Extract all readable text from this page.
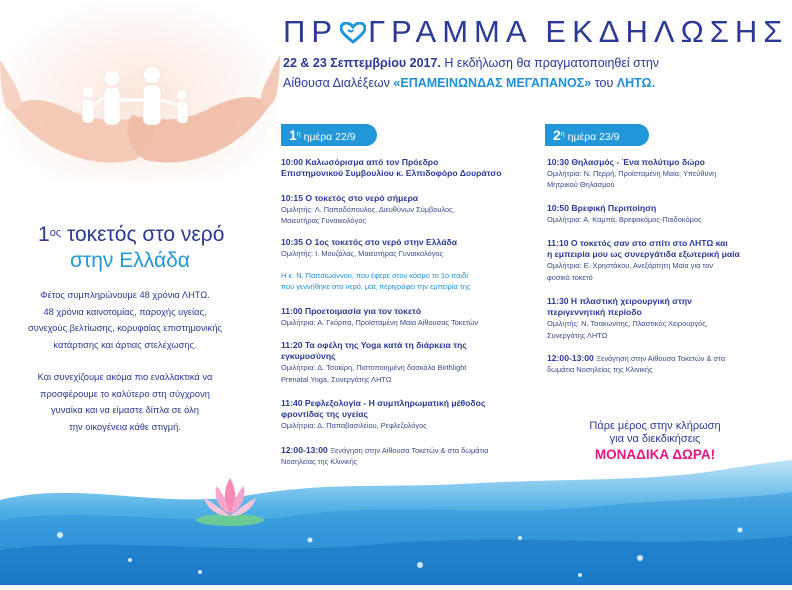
ΠΡ ΓΡΑΜΜΑ ΕΚΔΗΛΩΣΗΣ
22 & 23 Σεπτεμβρίου 2017. Η εκδήλωση θα πραγματοποιηθεί στην
Αίθουσα Διαλέξεων «ΕΠΑΜΕΙΝΩΝΔΑΣ ΜΕΓΑΠΑΝΟΣ» του ΛΗΤΩ.
$1^{o\varsigma}$ τοκετός στο νερό
στην Ελλάδα

Φέτος συμπληρώνουμε 48 χρόνια ΛΗΤΩ.
48 χρόνια καινοτομίας, παροχής υγείας,
συνεχούς βελτίωσης, κορυφαίας επιστημονικής
κατάρτισης και άρτιας στελέχωσης.

Και συνεχίζουμε ακόμα πιο εναλλακτικά να
προσφέρουμε το καλύτερο στη σύγχρονη
γυναίκα και να είμαστε δίπλα σε όλη
την οικογένεια κάθε στιγμή.

$1^\eta$ ημέρα 22/9
10:00 Καλωσόρισμα από τον Πρόεδρο
Επιστημονικού Συμβουλίου κ. Ελπιδοφόρο Δουράτσο
10:15 Ο τοκετός στο νερό σήμερα
Ομιλητής: Λ. Παπαδόπουλος, Διευθύνων Σύμβουλος,
Μαιευτήρας Γυναικολόγος
10:35 Ο 1ος τοκετός στο νερό στην Ελλάδα
Ομιλητής: Ι. Μουζάλας, Μαιευτήρας Γυναικολόγος
Η κ. Ν. Παπαϊωάννου, που έφερε στον κόσμο το 1ο παιδί
που γεννήθηκε στο νερό, μας περιγράφει την εμπειρία της
11:00 Προετοιμασία για τον τοκετό
Ομιλήτρια: Α. Γκόρπα, Προϊσταμένη Μαία Αίθουσας Τοκετών
11:20 Τα οφέλη της Yoga κατά τη διάρκεια της
εγκυμοσύνης
Ομιλήτρια: Δ. Τσοκίρη, Πιστοποιημένη δασκάλα Birthlight
Prenatal Yoga, Συνεργάτης ΛΗΤΩ
11:40 Ρεφλεξολογία - Η συμπληρωματική μέθοδος
φροντίδας της υγείας
Ομιλήτρια: Δ. Παπαβασιλείου, Ρεφλεξολόγος
12:00-13:00 Ξενάγηση στην Αίθουσα Τοκετών & στα δωμάτια
Νοσηλείας της Κλινικής
$2^\eta$ ημέρα 23/9
10:30 Θηλασμός - Ένα πολύτιμο δώρο
Ομιλήτρια: Ν. Περρή, Προϊσταμένη Μαία, Υπεύθυνη
Μητρικού Θηλασμού
10:50 Βρεφική Περιποίηση
Ομιλήτρια: Α. Καμπά, Βρεφοκόμος-Παιδοκόμος
11:10 Ο τοκετός σαν στο σπίτι στο ΛΗΤΩ και
η εμπειρία μου ως συνεργάτιδα εξωτερική μαία
Ομιλήτρια: Ε. Χρηστάκου, Ανεξάρτητη Μαία για τον
φυσικό τοκετό
11:30 Η πλαστική χειρουργική στην
περιγεννητική περίοδο
Ομιλητής: Ν. Τσακωνίτης, Πλαστικός Χειρουργός,
Συνεργάτης ΛΗΤΩ
12:00-13:00 Ξενάγηση στην Αίθουσα Τοκετών & στα
δωμάτια Νοσηλείας της Κλινικής
Πάρε μέρος στην κλήρωση
για να διεκδικήσεις
ΜΟΝΑΔΙΚΑ ΔΩΡΑ!
